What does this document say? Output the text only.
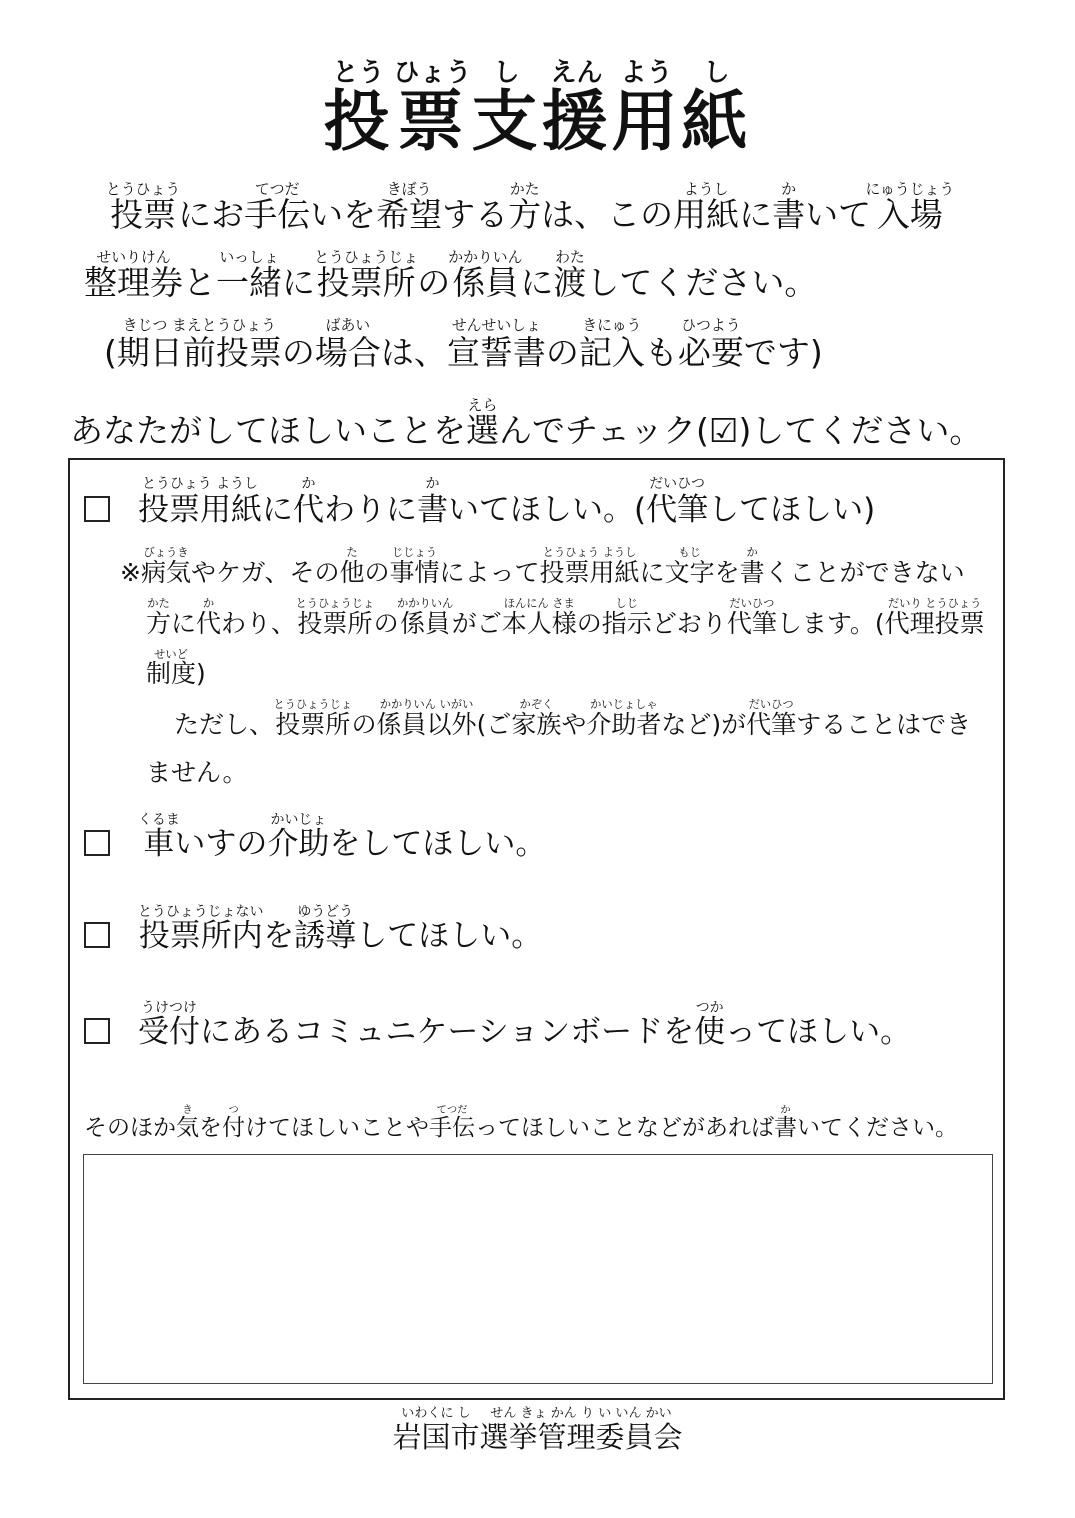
投とう票ひょう支し援えん用よう紙し
投票とうひょうにお手伝てつだいを希望きぼうする方かたは、この用紙ようしに書かいて入場にゅうじょう
整理券せいりけんと一緒いっしょに投票所とうひょうじょの係員かかりいんに渡わたしてください。
(期日前投票きじつ まえとうひょうの場合ばあいは、宣誓書せんせいしょの記入きにゅうも必要ひつようです)
あなたがしてほしいことを選えらんでチェック(☑)してください。
投票用紙とうひょう ようしに代かわりに書かいてほしい。(代筆だいひつしてほしい)
※病気びょうきやケガ、その他たの事情じじょうによって投票用紙とうひょう ようしに文字もじを書かくことができない
方かたに代かわり、投票所とうひょうじょの係員かかりいんがご本人様ほんにん さまの指示しじどおり代筆だいひつします。(代理投票だいり とうひょう
制度せいど)
ただし、投票所とうひょうじょの係員以外かかりいん いがい(ご家族かぞくや介助者かいじょしゃなど)が代筆だいひつすることはでき
ません。
車くるまいすの介助かいじょをしてほしい。
投票所内とうひょうじょないを誘導ゆうどうしてほしい。
受付うけつけにあるコミュニケーションボードを使つかってほしい。
そのほか気きを付つけてほしいことや手伝てつだってほしいことなどがあれば書かいてください。
岩国市いわくに し選挙管理委員会せん きょ かん り い いん かい
